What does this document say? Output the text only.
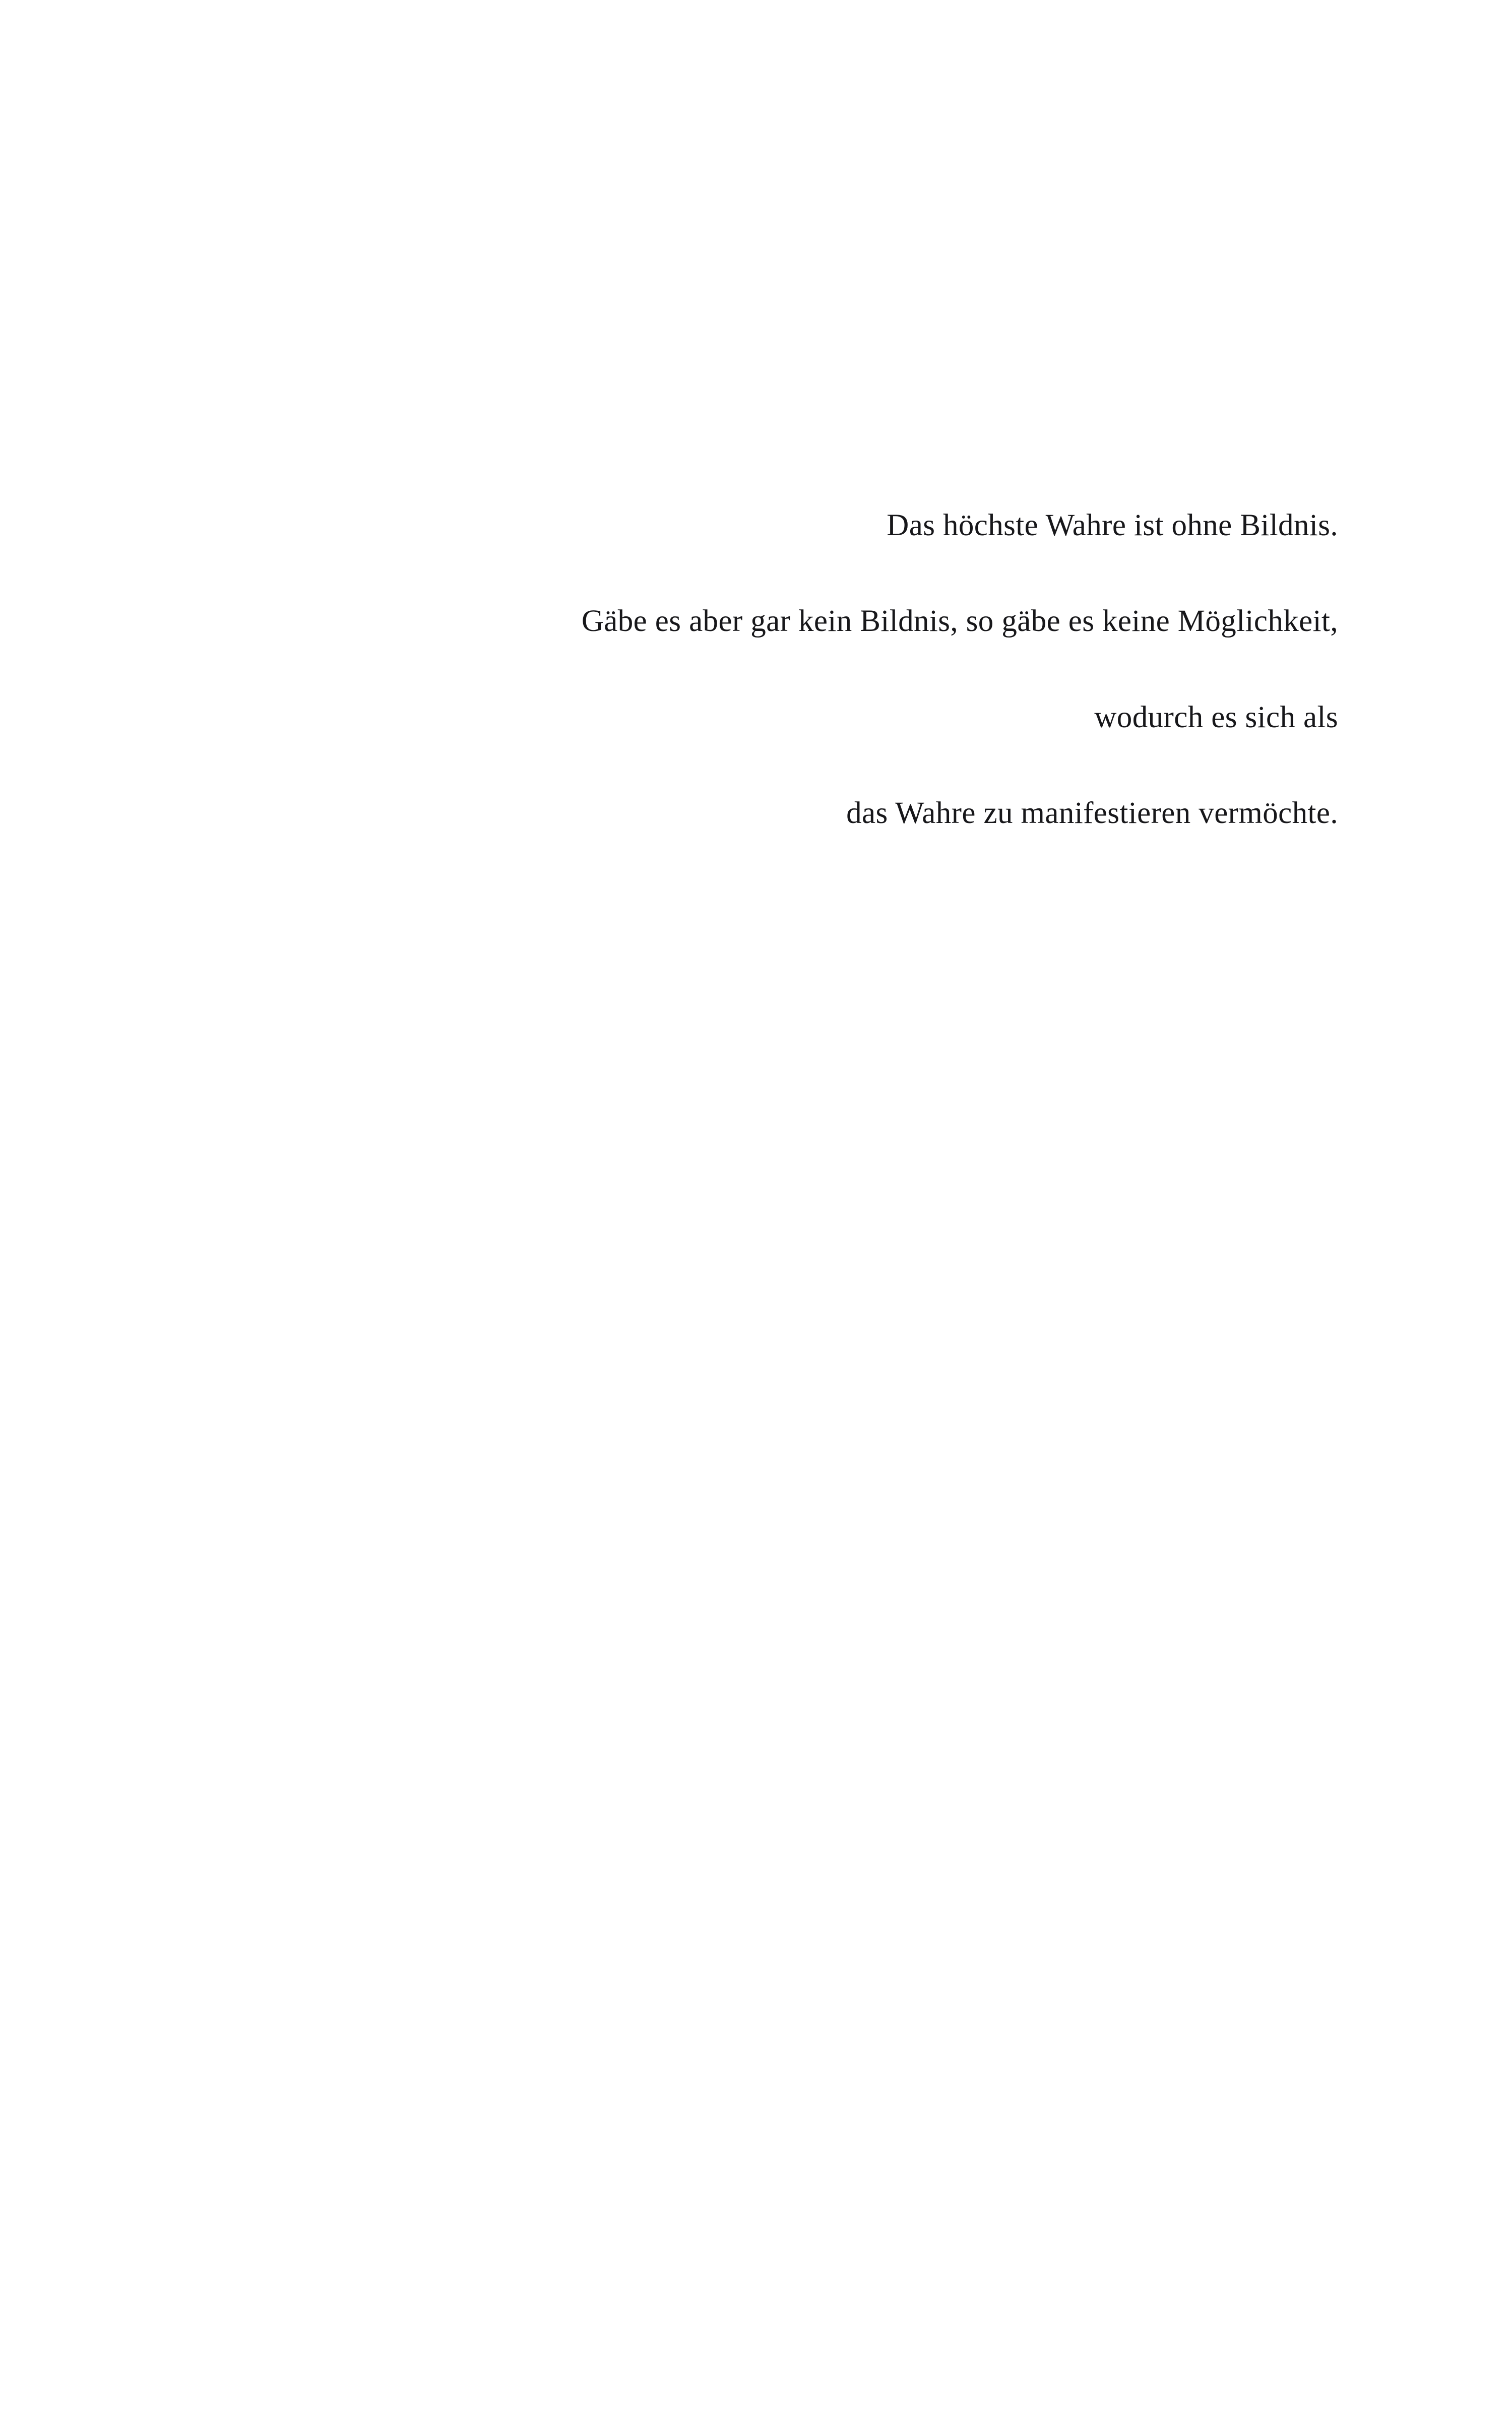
Das höchste Wahre ist ohne Bildnis.

Gäbe es aber gar kein Bildnis, so gäbe es keine Möglichkeit,

wodurch es sich als

das Wahre zu manifestieren vermöchte.
